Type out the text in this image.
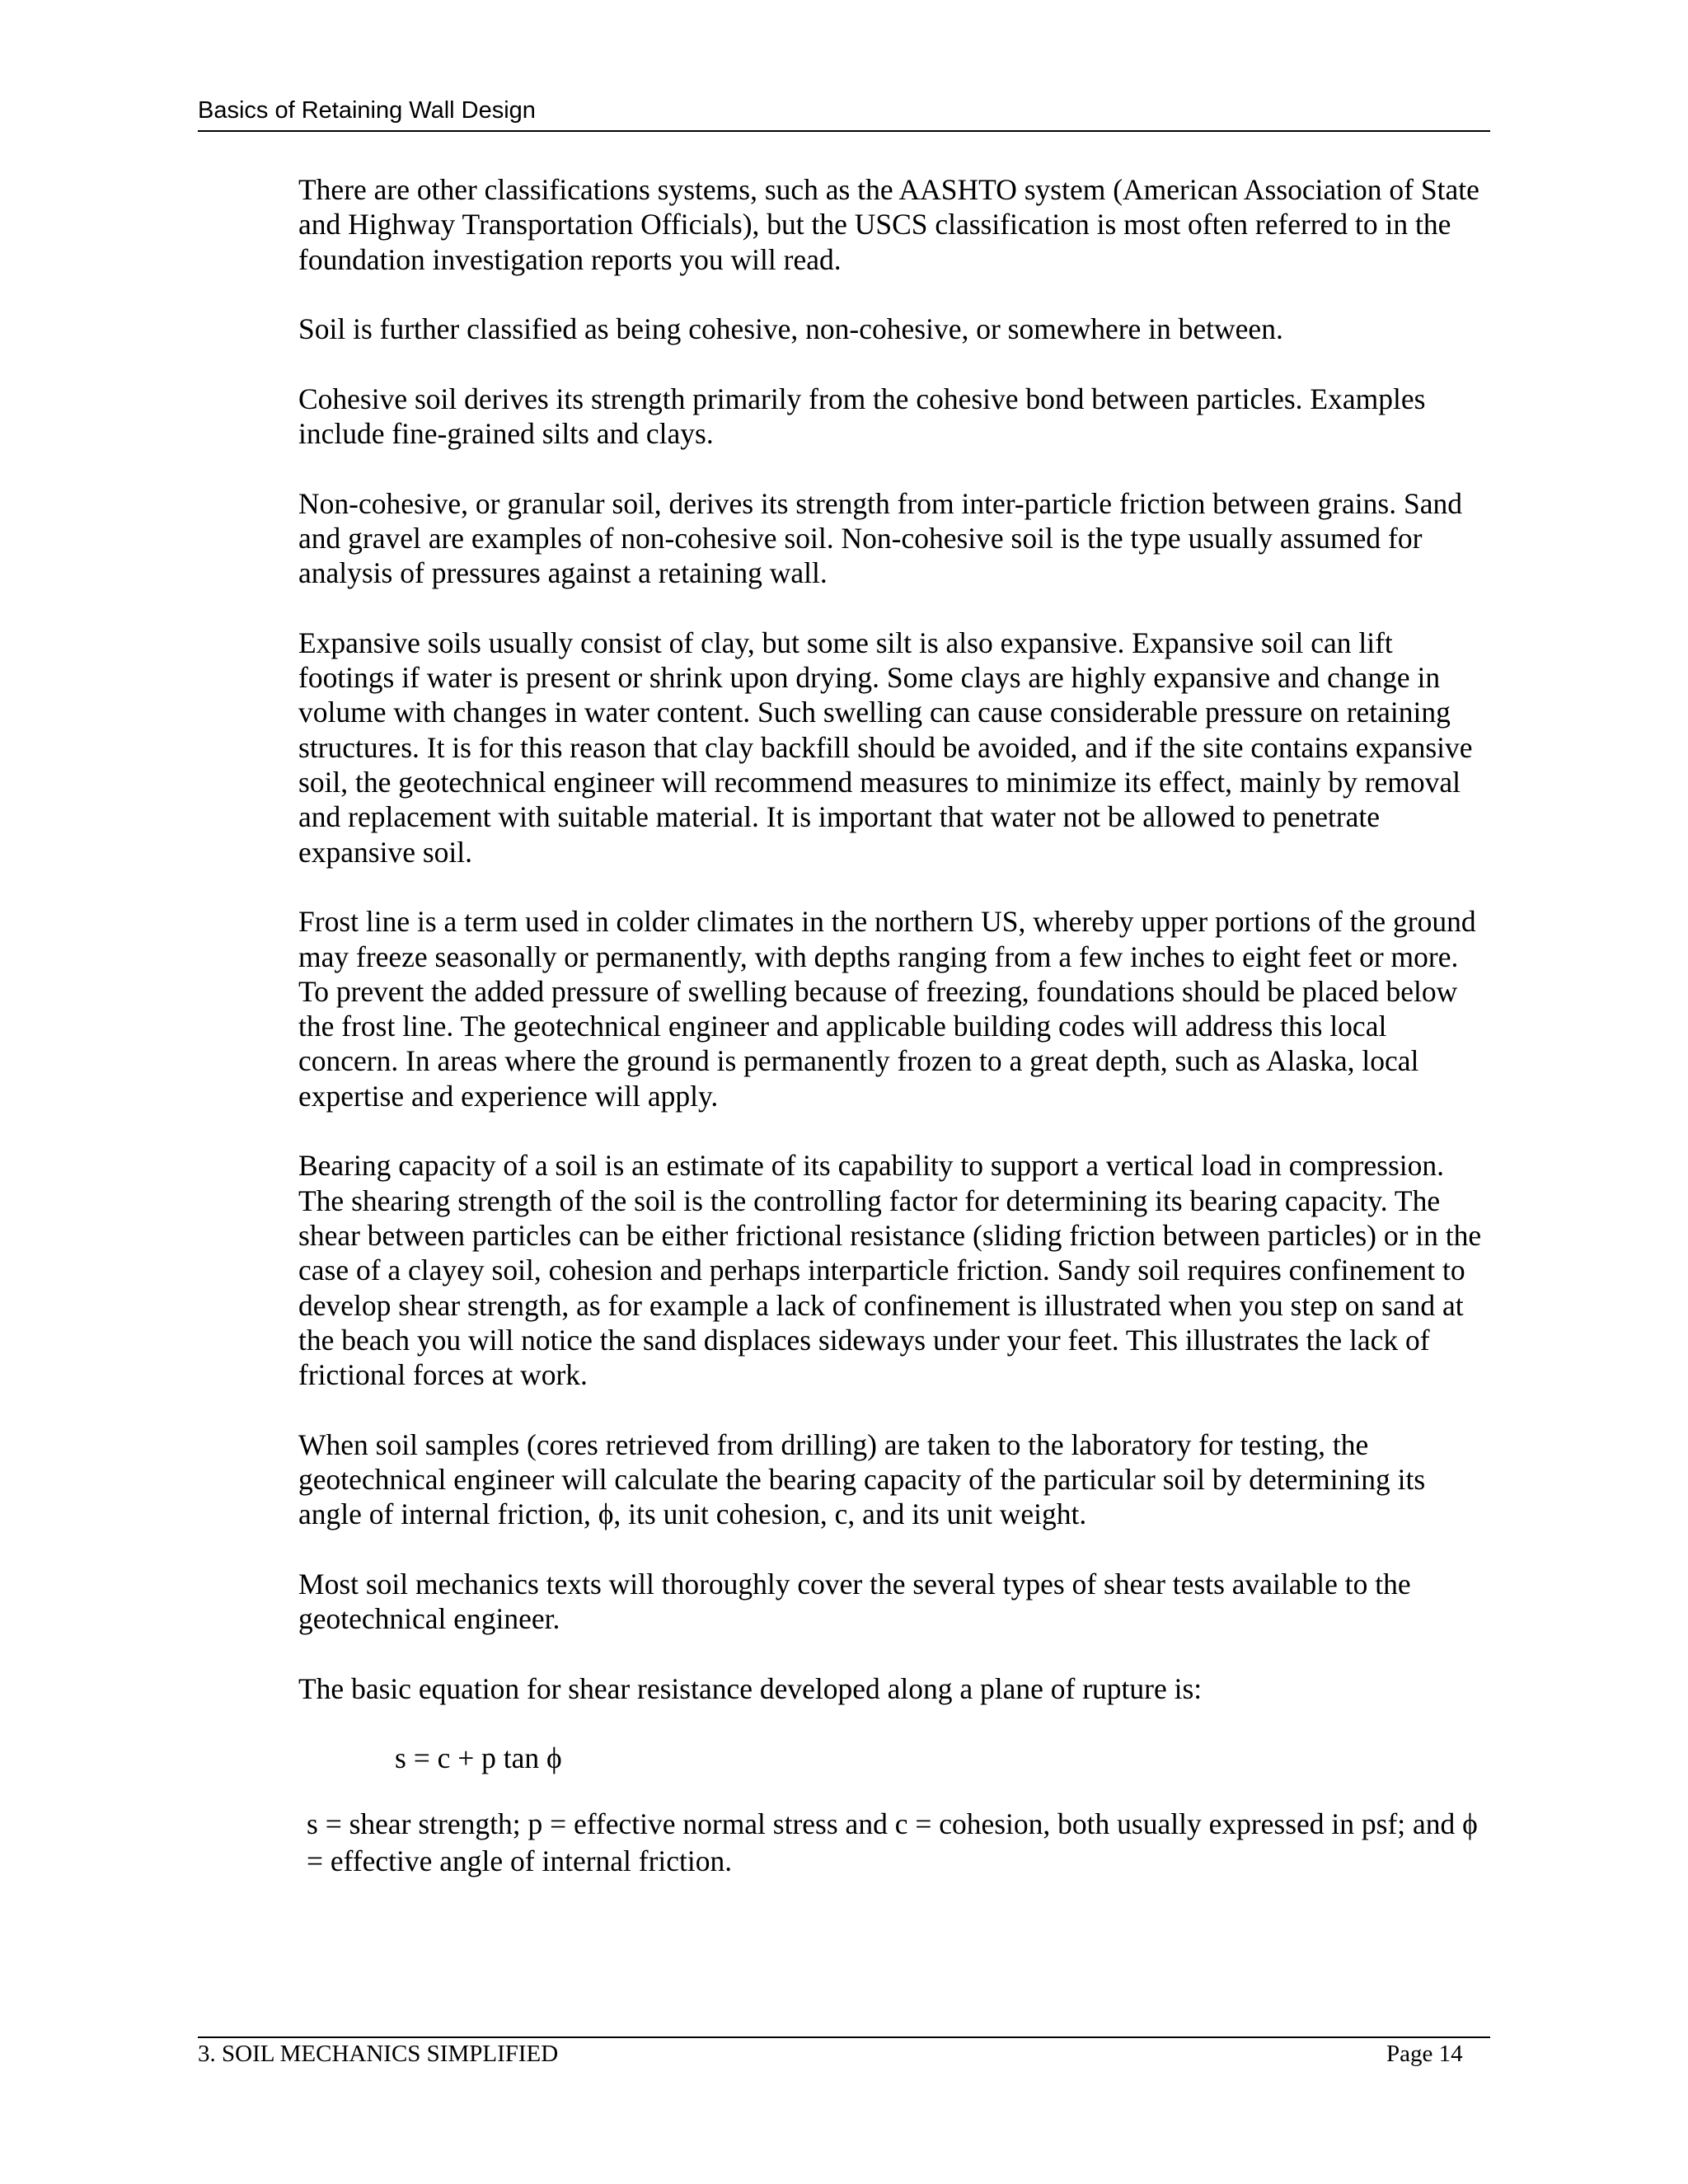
Basics of Retaining Wall Design

There are other classifications systems, such as the AASHTO system (American Association of State and Highway Transportation Officials), but the USCS classification is most often referred to in the foundation investigation reports you will read.

Soil is further classified as being cohesive, non-cohesive, or somewhere in between.

Cohesive soil derives its strength primarily from the cohesive bond between particles. Examples include fine-grained silts and clays.

Non-cohesive, or granular soil, derives its strength from inter-particle friction between grains. Sand and gravel are examples of non-cohesive soil. Non-cohesive soil is the type usually assumed for analysis of pressures against a retaining wall.

Expansive soils usually consist of clay, but some silt is also expansive. Expansive soil can lift footings if water is present or shrink upon drying. Some clays are highly expansive and change in volume with changes in water content. Such swelling can cause considerable pressure on retaining structures. It is for this reason that clay backfill should be avoided, and if the site contains expansive soil, the geotechnical engineer will recommend measures to minimize its effect, mainly by removal and replacement with suitable material. It is important that water not be allowed to penetrate expansive soil.

Frost line is a term used in colder climates in the northern US, whereby upper portions of the ground may freeze seasonally or permanently, with depths ranging from a few inches to eight feet or more. To prevent the added pressure of swelling because of freezing, foundations should be placed below the frost line. The geotechnical engineer and applicable building codes will address this local concern. In areas where the ground is permanently frozen to a great depth, such as Alaska, local expertise and experience will apply.

Bearing capacity of a soil is an estimate of its capability to support a vertical load in compression. The shearing strength of the soil is the controlling factor for determining its bearing capacity. The shear between particles can be either frictional resistance (sliding friction between particles) or in the case of a clayey soil, cohesion and perhaps interparticle friction. Sandy soil requires confinement to develop shear strength, as for example a lack of confinement is illustrated when you step on sand at the beach you will notice the sand displaces sideways under your feet. This illustrates the lack of frictional forces at work.

When soil samples (cores retrieved from drilling) are taken to the laboratory for testing, the geotechnical engineer will calculate the bearing capacity of the particular soil by determining its angle of internal friction, ϕ, its unit cohesion, c, and its unit weight.

Most soil mechanics texts will thoroughly cover the several types of shear tests available to the geotechnical engineer.

The basic equation for shear resistance developed along a plane of rupture is:

s = c + p tan ϕ

s = shear strength; p = effective normal stress and c = cohesion, both usually expressed in psf; and ϕ = effective angle of internal friction.

3. SOIL MECHANICS SIMPLIFIED	Page 14
